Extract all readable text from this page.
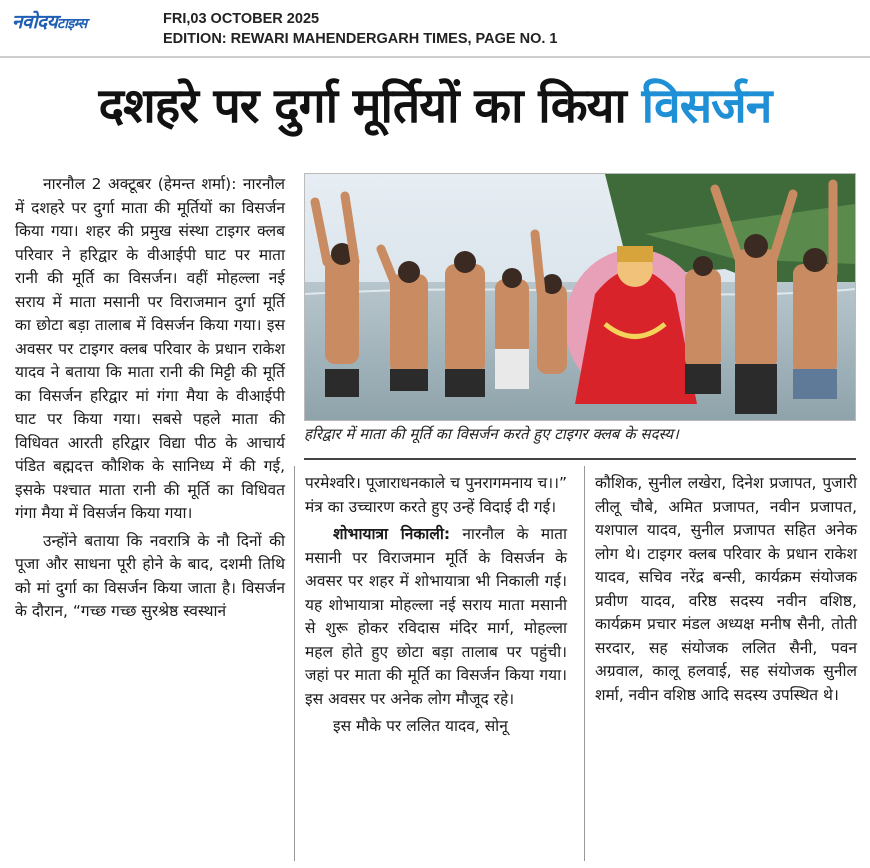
नवोदयटाइम्स	FRI,03 OCTOBER 2025
EDITION: REWARI MAHENDERGARH TIMES, PAGE NO. 1
दशहरे पर दुर्गा मूर्तियों का किया विसर्जन

नारनौल 2 अक्टूबर (हेमन्त शर्मा): नारनौल में दशहरे पर दुर्गा माता की मूर्तियों का विसर्जन किया गया। शहर की प्रमुख संस्था टाइगर क्लब परिवार ने हरिद्वार के वीआईपी घाट पर माता रानी की मूर्ति का विसर्जन। वहीं मोहल्ला नई सराय में माता मसानी पर विराजमान दुर्गा मूर्ति का छोटा बड़ा तालाब में विसर्जन किया गया। इस अवसर पर टाइगर क्लब परिवार के प्रधान राकेश यादव ने बताया कि माता रानी की मिट्टी की मूर्ति का विसर्जन हरिद्वार मां गंगा मैया के वीआईपी घाट पर किया गया। सबसे पहले माता की विधिवत आरती हरिद्वार विद्या पीठ के आचार्य पंडित बह्मदत्त कौशिक के सानिध्य में की गई, इसके पश्चात माता रानी की मूर्ति का विधिवत गंगा मैया में विसर्जन किया गया।

उन्होंने बताया कि नवरात्रि के नौ दिनों की पूजा और साधना पूरी होने के बाद, दशमी तिथि को मां दुर्गा का विसर्जन किया जाता है। विसर्जन के दौरान, “गच्छ गच्छ सुरश्रेष्ठ स्वस्थानं

हरिद्वार में माता की मूर्ति का विसर्जन करते हुए टाइगर क्लब के सदस्य।

परमेश्वरि। पूजाराधनकाले च पुनरागमनाय च।।” मंत्र का उच्चारण करते हुए उन्हें विदाई दी गई।

शोभायात्रा निकाली: नारनौल के माता मसानी पर विराजमान मूर्ति के विसर्जन के अवसर पर शहर में शोभायात्रा भी निकाली गई। यह शोभायात्रा मोहल्ला नई सराय माता मसानी से शुरू होकर रविदास मंदिर मार्ग, मोहल्ला महल होते हुए छोटा बड़ा तालाब पर पहुंची। जहां पर माता की मूर्ति का विसर्जन किया गया। इस अवसर पर अनेक लोग मौजूद रहे।

इस मौके पर ललित यादव, सोनू

कौशिक, सुनील लखेरा, दिनेश प्रजापत, पुजारी लीलू चौबे, अमित प्रजापत, नवीन प्रजापत, यशपाल यादव, सुनील प्रजापत सहित अनेक लोग थे। टाइगर क्लब परिवार के प्रधान राकेश यादव, सचिव नरेंद्र बन्सी, कार्यक्रम संयोजक प्रवीण यादव, वरिष्ठ सदस्य नवीन वशिष्ठ, कार्यक्रम प्रचार मंडल अध्यक्ष मनीष सैनी, तोती सरदार, सह संयोजक ललित सैनी, पवन अग्रवाल, कालू हलवाई, सह संयोजक सुनील शर्मा, नवीन वशिष्ठ आदि सदस्य उपस्थित थे।
